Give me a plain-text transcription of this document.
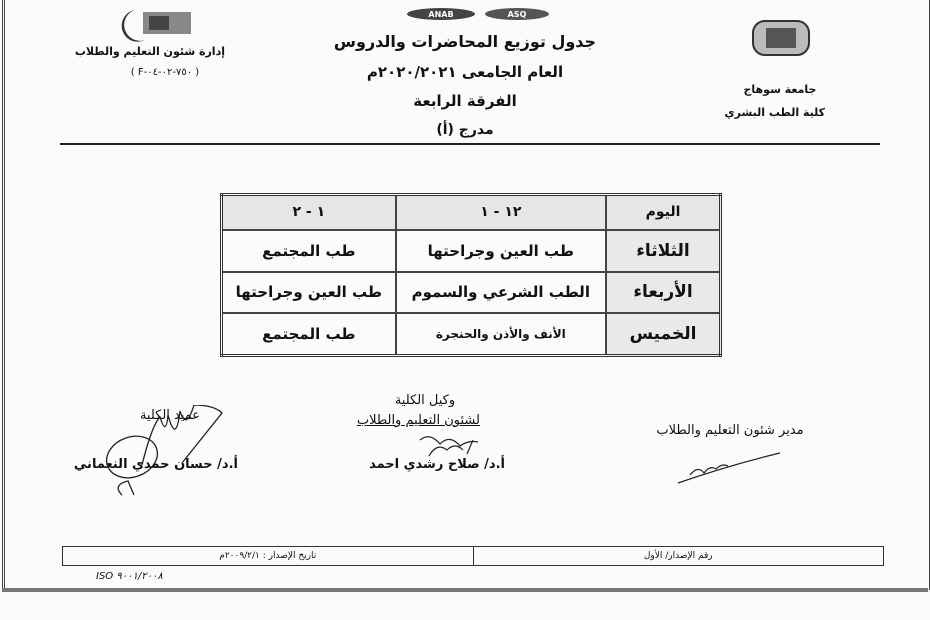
إدارة شئون التعليم والطلاب
( F-٧٥٠-٠٢-٠٤ )
ANAB	ASQ
جدول توزيع المحاضرات والدروس
العام الجامعى ٢٠٢٠/٢٠٢١م
الفرقة الرابعة
مدرج (أ)
جامعة سوهاج
كلية الطب البشري
اليوم	١٢ - ١	١ - ٢
الثلاثاء	طب العين وجراحتها	طب المجتمع
الأربعاء	الطب الشرعي والسموم	طب العين وجراحتها
الخميس	الأنف والأذن والحنجرة	طب المجتمع
مدير شئون التعليم والطلاب
وكيل الكلية
لشئون التعليم والطلاب
أ.د/ صلاح رشدي احمد
عميد الكلية
أ.د/ حسان حمدي النعماني
رقم الإصدار/ الأول
تاريخ الإصدار : ٢٠٠٩/٢/١م
ISO ٩٠٠١/٢٠٠٨
